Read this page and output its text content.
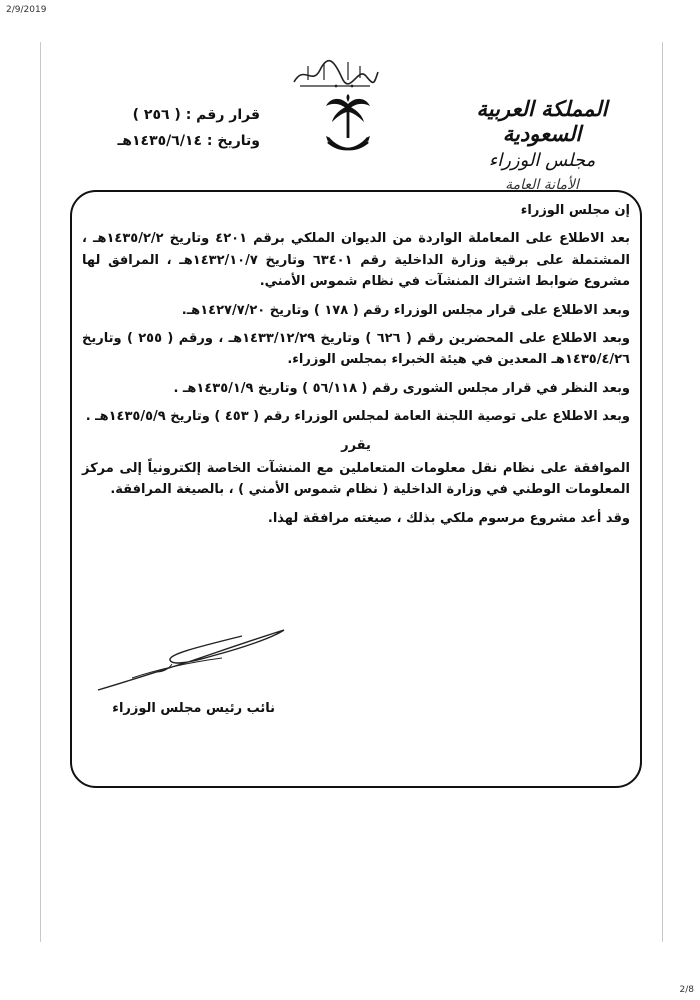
2/9/2019
2/8
المملكة العربية السعودية
مجلس الوزراء
الأمانة العامة
قرار رقم : ( ٢٥٦ )
وتاريخ : ١٤٣٥/٦/١٤هـ

إن مجلس الوزراء

بعد الاطلاع على المعاملة الواردة من الديوان الملكي برقم ٤٢٠١ وتاريخ ١٤٣٥/٢/٢هـ ، المشتملة على برقية وزارة الداخلية رقم ٦٣٤٠١ وتاريخ ١٤٣٢/١٠/٧هـ ، المرافق لها مشروع ضوابط اشتراك المنشآت في نظام شموس الأمني.

وبعد الاطلاع على قرار مجلس الوزراء رقم ( ١٧٨ ) وتاريخ ١٤٢٧/٧/٢٠هـ.

وبعد الاطلاع على المحضرين رقم ( ٦٢٦ ) وتاريخ ١٤٣٣/١٢/٢٩هـ ، ورقم ( ٢٥٥ ) وتاريخ ١٤٣٥/٤/٢٦هـ المعدين في هيئة الخبراء بمجلس الوزراء.

وبعد النظر في قرار مجلس الشورى رقم ( ٥٦/١١٨ ) وتاريخ ١٤٣٥/١/٩هـ .

وبعد الاطلاع على توصية اللجنة العامة لمجلس الوزراء رقم ( ٤٥٣ ) وتاريخ ١٤٣٥/٥/٩هـ .

يقرر

الموافقة على نظام نقل معلومات المتعاملين مع المنشآت الخاصة إلكترونياً إلى مركز المعلومات الوطني في وزارة الداخلية ( نظام شموس الأمني ) ، بالصيغة المرافقة.

وقد أعد مشروع مرسوم ملكي بذلك ، صيغته مرافقة لهذا.

نائب رئيس مجلس الوزراء
